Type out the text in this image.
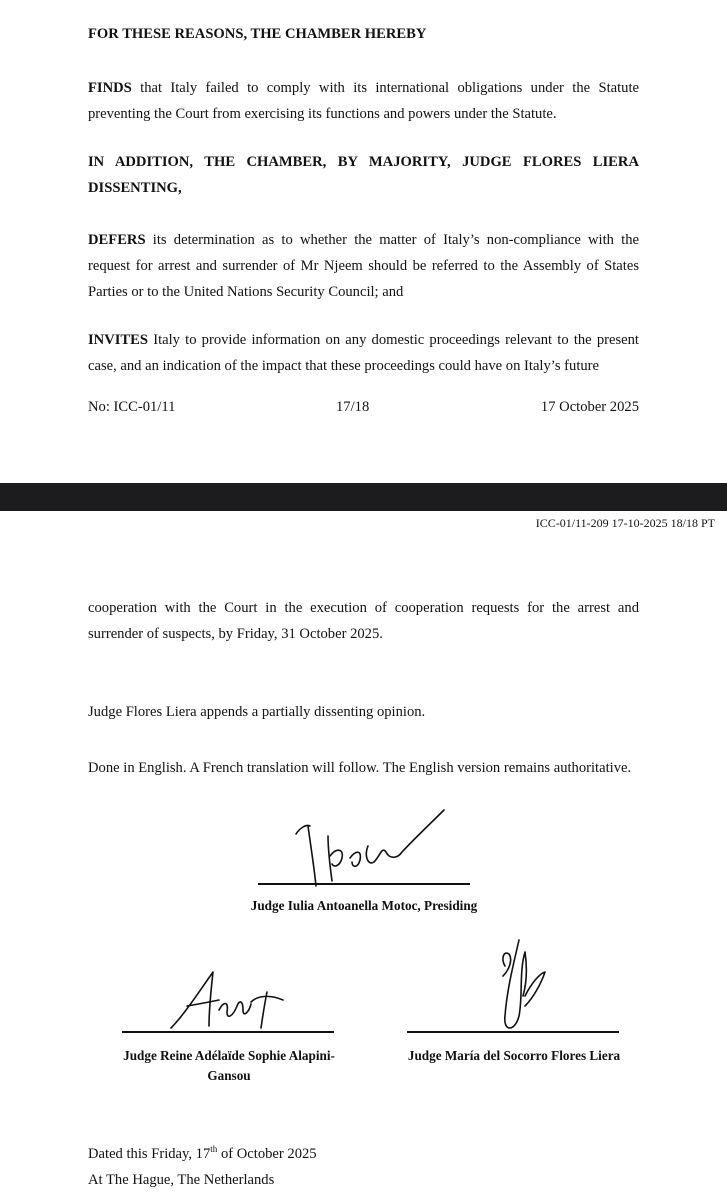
FOR THESE REASONS, THE CHAMBER HEREBY

FINDS that Italy failed to comply with its international obligations under the Statute preventing the Court from exercising its functions and powers under the Statute.

IN ADDITION, THE CHAMBER, BY MAJORITY, JUDGE FLORES LIERA DISSENTING,

DEFERS its determination as to whether the matter of Italy’s non-compliance with the request for arrest and surrender of Mr Njeem should be referred to the Assembly of States Parties or to the United Nations Security Council; and

INVITES Italy to provide information on any domestic proceedings relevant to the present case, and an indication of the impact that these proceedings could have on Italy’s future

No: ICC-01/11	17/18	17 October 2025
ICC-01/11-209 17-10-2025 18/18 PT

cooperation with the Court in the execution of cooperation requests for the arrest and surrender of suspects, by Friday, 31 October 2025.

Judge Flores Liera appends a partially dissenting opinion.

Done in English. A French translation will follow. The English version remains authoritative.

Judge Iulia Antoanella Motoc, Presiding
Judge Reine Adélaïde Sophie Alapini-
Gansou
Judge María del Socorro Flores Liera

Dated this Friday, 17th of October 2025

At The Hague, The Netherlands
